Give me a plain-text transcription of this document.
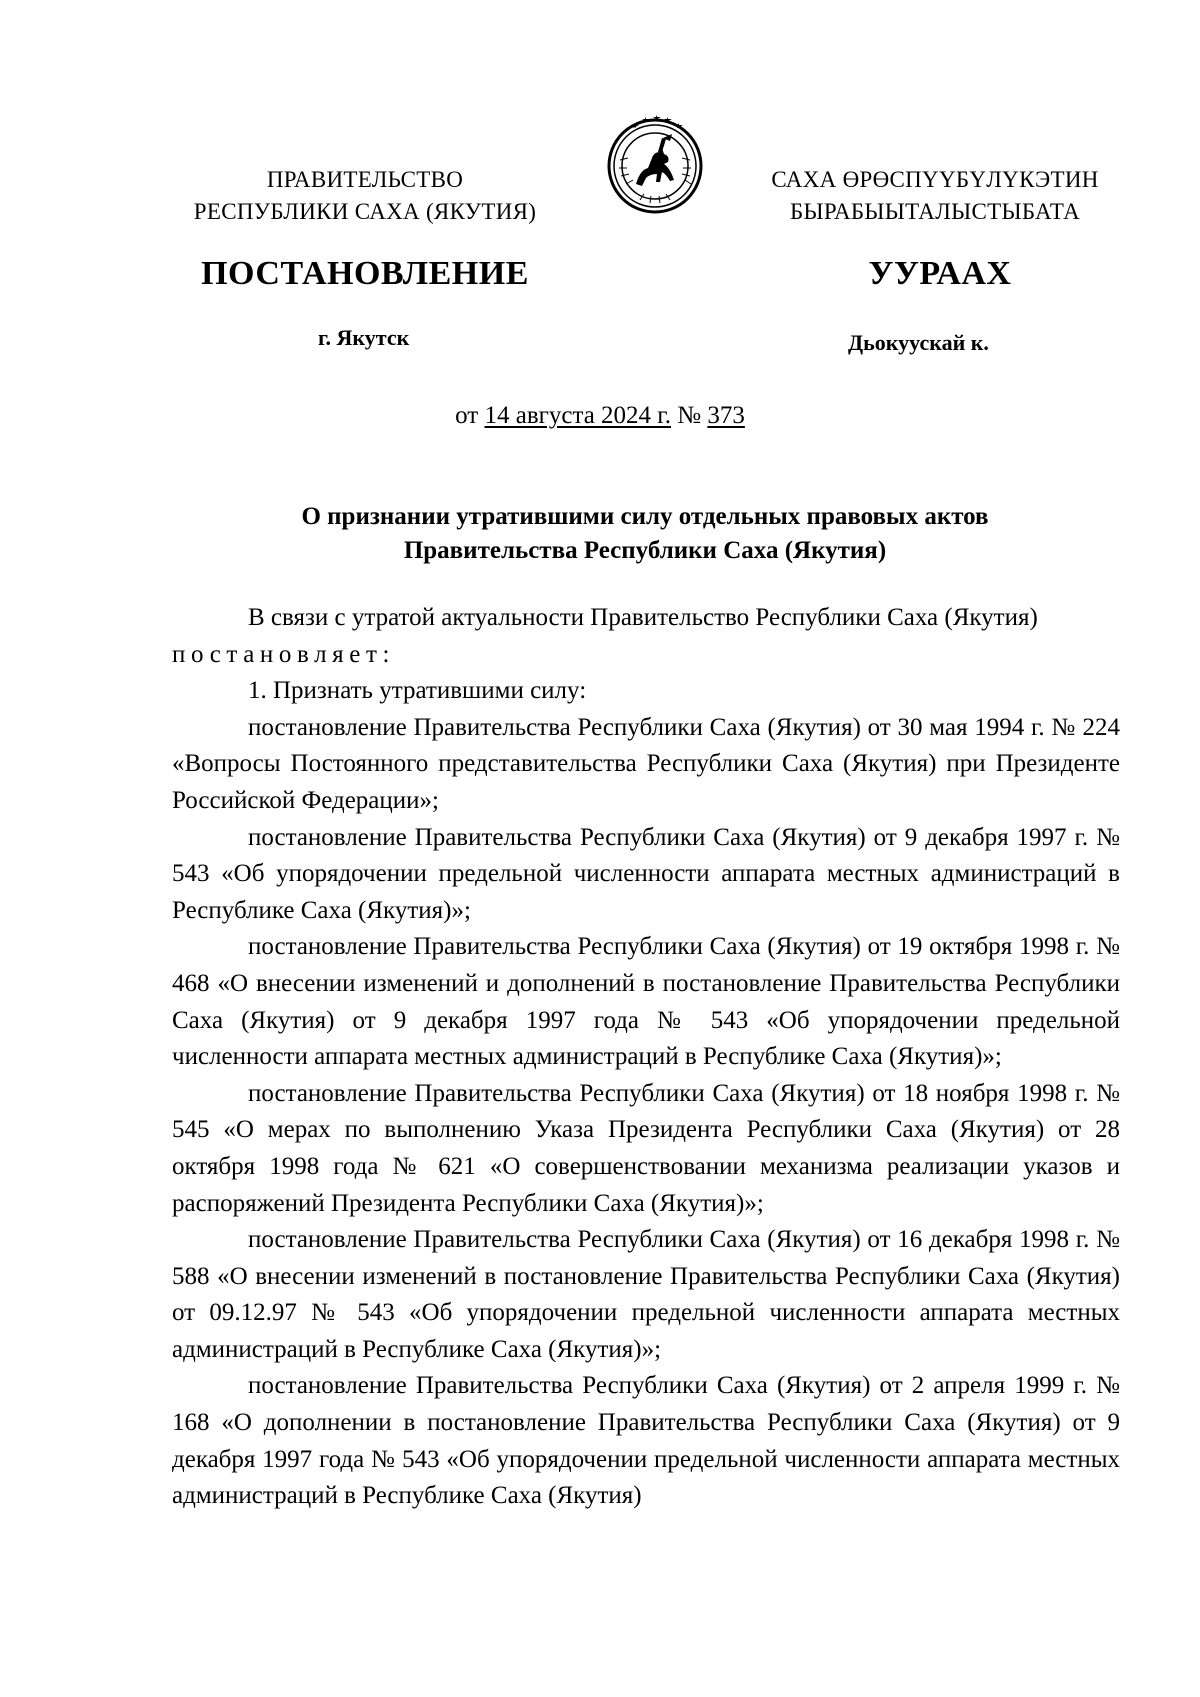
ПРАВИТЕЛЬСТВО
РЕСПУБЛИКИ САХА (ЯКУТИЯ)
САХА ӨРӨСПҮҮБҮЛҮКЭТИН
БЫРАБЫЫТАЛЫСТЫБАТА
ПОСТАНОВЛЕНИЕ	УУРААХ
г. Якутск	Дьокуускай к.
от 14 августа 2024 г. № 373
О признании утратившими силу отдельных правовых актов
Правительства Республики Саха (Якутия)

В связи с утратой актуальности Правительство Республики Саха (Якутия)

постановляет:

1. Признать утратившими силу:

постановление Правительства Республики Саха (Якутия) от 30 мая 1994 г. № 224 «Вопросы Постоянного представительства Республики Саха (Якутия) при Президенте Российской Федерации»;

постановление Правительства Республики Саха (Якутия) от 9 декабря 1997 г. № 543 «Об упорядочении предельной численности аппарата местных администраций в Республике Саха (Якутия)»;

постановление Правительства Республики Саха (Якутия) от 19 октября 1998 г. № 468 «О внесении изменений и дополнений в постановление Правительства Республики Саха (Якутия) от 9 декабря 1997 года № 543 «Об упорядочении предельной численности аппарата местных администраций в Республике Саха (Якутия)»;

постановление Правительства Республики Саха (Якутия) от 18 ноября 1998 г. № 545 «О мерах по выполнению Указа Президента Республики Саха (Якутия) от 28 октября 1998 года № 621 «О совершенствовании механизма реализации указов и распоряжений Президента Республики Саха (Якутия)»;

постановление Правительства Республики Саха (Якутия) от 16 декабря 1998 г. № 588 «О внесении изменений в постановление Правительства Республики Саха (Якутия) от 09.12.97 № 543 «Об упорядочении предельной численности аппарата местных администраций в Республике Саха (Якутия)»;

постановление Правительства Республики Саха (Якутия) от 2 апреля 1999 г. № 168 «О дополнении в постановление Правительства Республики Саха (Якутия) от 9 декабря 1997 года № 543 «Об упорядочении предельной численности аппарата местных администраций в Республике Саха (Якутия)
